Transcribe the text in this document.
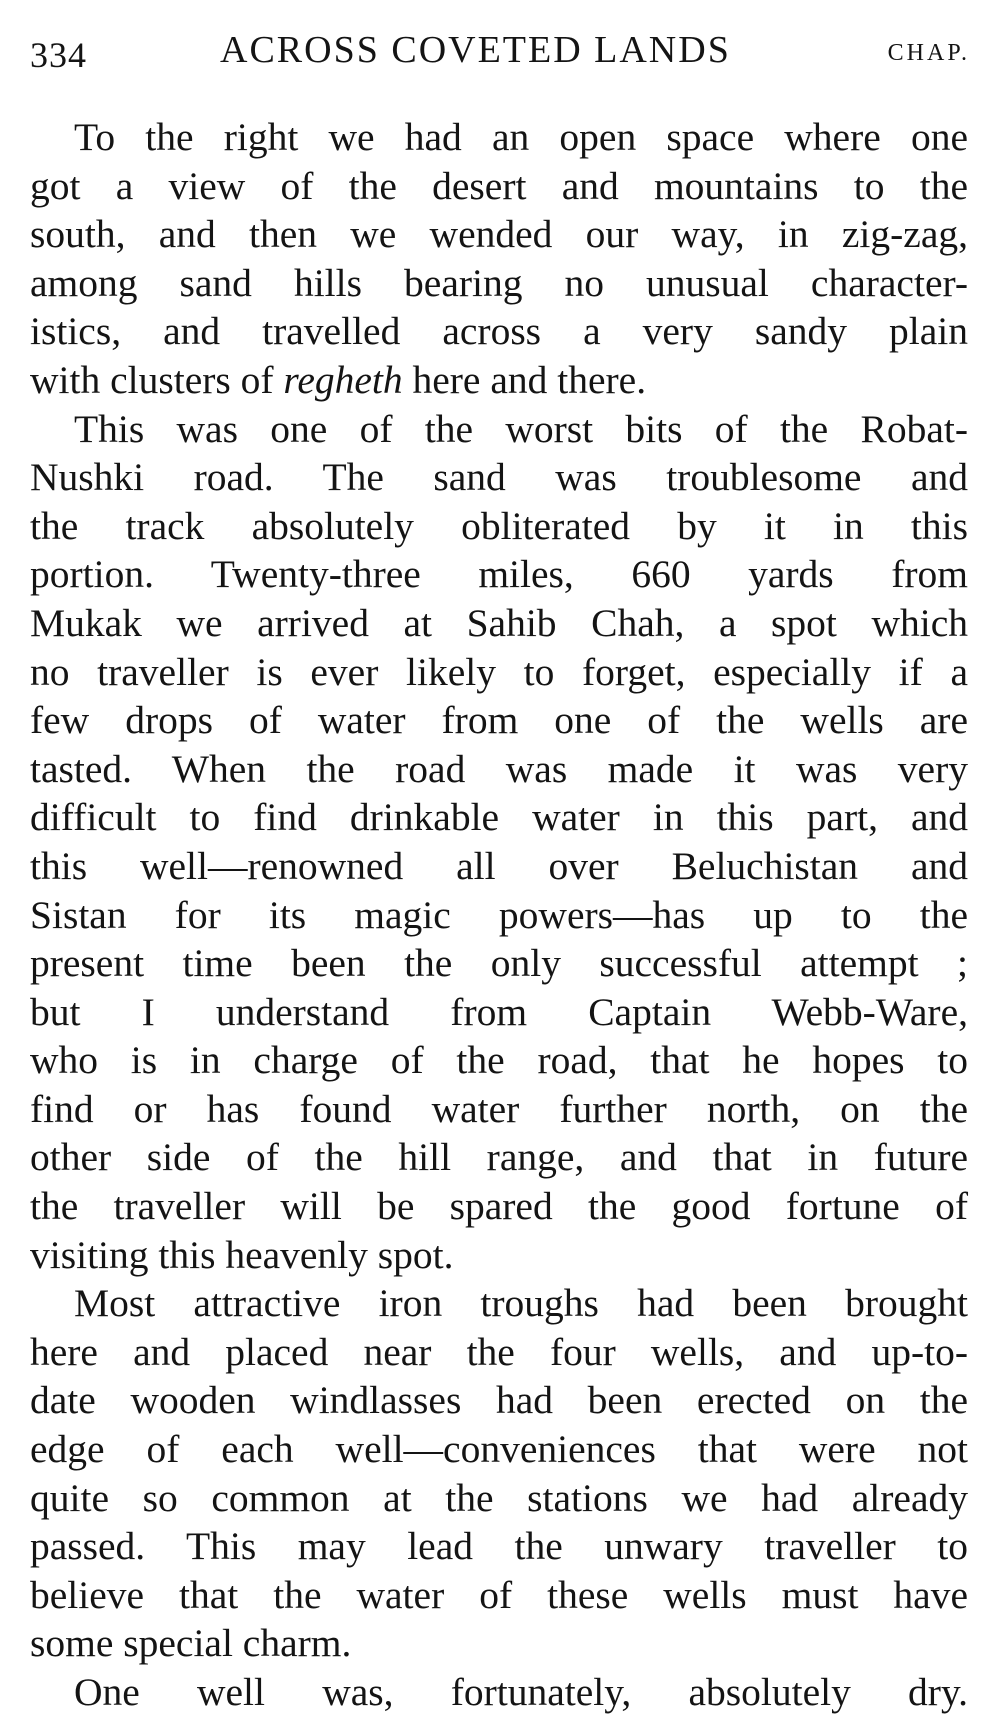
334	ACROSS COVETED LANDS	CHAP.
To the right we had an open space where one
got a view of the desert and mountains to the
south, and then we wended our way, in zig-zag,
among sand hills bearing no unusual character-
istics, and travelled across a very sandy plain
with clusters of regheth here and there.
This was one of the worst bits of the Robat-
Nushki road. The sand was troublesome and
the track absolutely obliterated by it in this
portion. Twenty-three miles, 660 yards from
Mukak we arrived at Sahib Chah, a spot which
no traveller is ever likely to forget, especially if a
few drops of water from one of the wells are
tasted. When the road was made it was very
difficult to find drinkable water in this part, and
this well—renowned all over Beluchistan and
Sistan for its magic powers—has up to the
present time been the only successful attempt ;
but I understand from Captain Webb-Ware,
who is in charge of the road, that he hopes to
find or has found water further north, on the
other side of the hill range, and that in future
the traveller will be spared the good fortune of
visiting this heavenly spot.
Most attractive iron troughs had been brought
here and placed near the four wells, and up-to-
date wooden windlasses had been erected on the
edge of each well—conveniences that were not
quite so common at the stations we had already
passed. This may lead the unwary traveller to
believe that the water of these wells must have
some special charm.
One well was, fortunately, absolutely dry.
